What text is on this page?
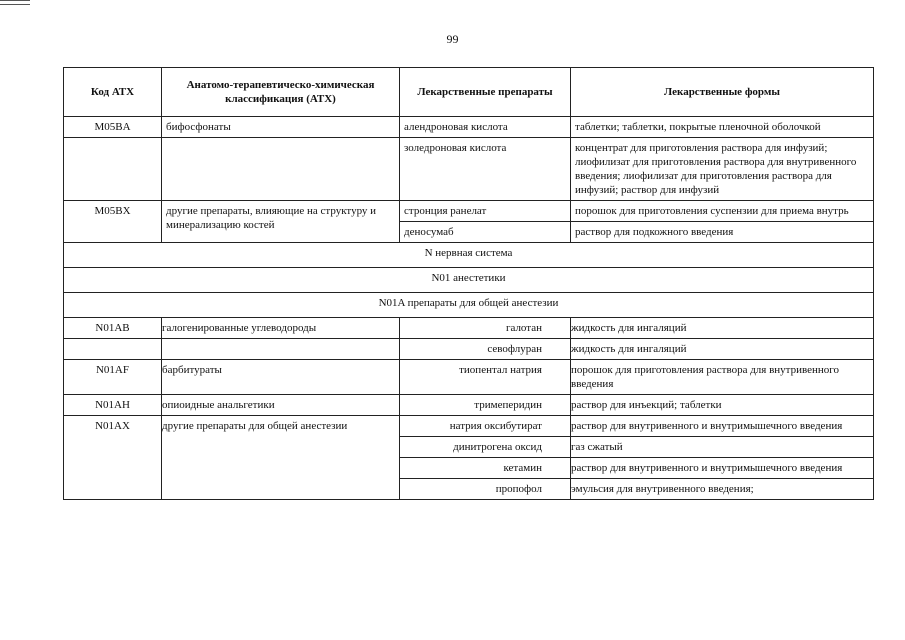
99
Код АТХ	Анатомо-терапевтическо-химическая классификация (АТХ)	Лекарственные препараты	Лекарственные формы
M05BA	бифосфонаты	алендроновая кислота	таблетки; таблетки, покрытые пленочной оболочкой
		золедроновая кислота	концентрат для приготовления раствора для инфузий; лиофилизат для приготовления раствора для внутривенного введения; лиофилизат для приготовления раствора для инфузий; раствор для инфузий
M05BX	другие препараты, влияющие на структуру и минерализацию костей	стронция ранелат	порошок для приготовления суспензии для приема внутрь
		деносумаб	раствор для подкожного введения
N нервная система			
N01 анестетики			
N01A препараты для общей анестезии			
N01AB	галогенированные углеводороды	галотан	жидкость для ингаляций
		севофлуран	жидкость для ингаляций
N01AF	барбитураты	тиопентал натрия	порошок для приготовления раствора для внутривенного введения
N01AH	опиоидные анальгетики	тримеперидин	раствор для инъекций; таблетки
N01AX	другие препараты для общей анестезии	натрия оксибутират	раствор для внутривенного и внутримышечного введения
		динитрогена оксид	газ сжатый
		кетамин	раствор для внутривенного и внутримышечного введения
		пропофол	эмульсия для внутривенного введения;
